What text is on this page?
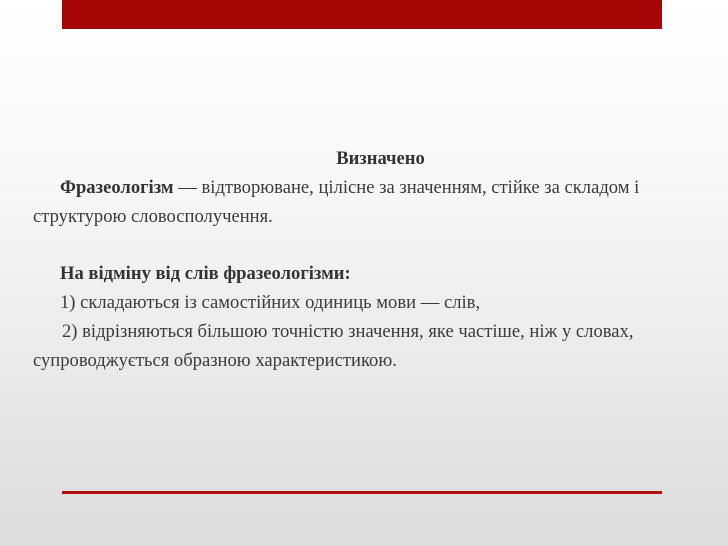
Визначено

Фразеологізм — відтворюване, цілісне за значенням, стійке за складом і структурою словосполучення.

На відміну від слів фразеологізми:

1) складаються із самостійних одиниць мови — слів,

2) відрізняються більшою точністю значення, яке частіше, ніж у словах, супроводжується образною характеристикою.
